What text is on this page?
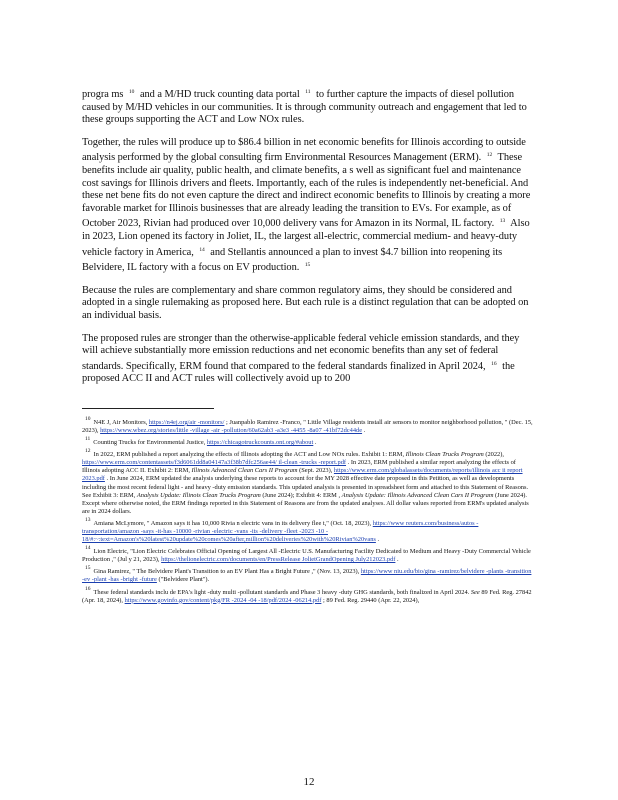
progra ms $^{10}$ and a M/HD truck counting data portal $^{11}$ to further capture the impacts of diesel pollution caused by M/HD vehicles in our communities. It is through community outreach and engagement that led to these groups supporting the ACT and Low NOx rules.

Together, the rules will produce up to $86.4 billion in net economic benefits for Illinois according to outside analysis performed by the global consulting firm Environmental Resources Management (ERM). $^{12}$ These benefits include air quality, public health, and climate benefits, a s well as significant fuel and maintenance cost savings for Illinois drivers and fleets. Importantly, each of the rules is independently net-beneficial. And these net bene fits do not even capture the direct and indirect economic benefits to Illinois by creating a more favorable market for Illinois businesses that are already leading the transition to EVs. For example, as of October 2023, Rivian had produced over 10,000 delivery vans for Amazon in its Normal, IL factory. $^{13}$ Also in 2023, Lion opened its factory in Joliet, IL, the largest all-electric, commercial medium- and heavy-duty vehicle factory in America, $^{14}$ and Stellantis announced a plan to invest $4.7 billion into reopening its Belvidere, IL factory with a focus on EV production. $^{15}$

Because the rules are complementary and share common regulatory aims, they should be considered and adopted in a single rulemaking as proposed here. But each rule is a distinct regulation that can be adopted on an individual basis.

The proposed rules are stronger than the otherwise-applicable federal vehicle emission standards, and they will achieve substantially more emission reductions and net economic benefits than any set of federal standards. Specifically, ERM found that compared to the federal standards finalized in April 2024, $^{16}$ the proposed ACC II and ACT rules will collectively avoid up to 200

$^{10}$ N4E J, Air Monitors, https://n4ej.org/air -monitors/ ; Juanpablo Ramirez -Franco, " Little Village residents install air sensors to monitor neighborhood pollution, " (Dec. 15, 2023), https://www.wbez.org/stories/little -village -air -pollution/60a62ab3 -a3e3 -4455 -8a07 -41bf72dc44de .

$^{11}$ Counting Trucks for Environmental Justice, https://chicagotruckcounts.ont.org/#about .

$^{12}$ In 2022, ERM published a report analyzing the effects of Illinois adopting the ACT and Low NOx rules. Exhibit 1: ERM, Illinois Clean Trucks Program (2022), https://www.erm.com/contentassets/f3d6061dd8a04147a3f38b7dfc256ae44/ il-clean -trucks -report.pdf . In 2023, ERM published a similar report analyzing the effects of Illinois adopting ACC II. Exhibit 2: ERM, Illinois Advanced Clean Cars II Program (Sept. 2023), https://www.erm.com/globalassets/documents/reports/illinois acc ii report 2023.pdf . In June 2024, ERM updated the analysis underlying these reports to account for the MY 2028 effective date proposed in this Petition, as well as developments including the most recent federal light - and heavy -duty emission standards. This updated analysis is presented in spreadsheet form and attached to this Statement of Reasons. See Exhibit 3: ERM, Analysis Update: Illinois Clean Trucks Program (June 2024); Exhibit 4: ERM , Analysis Update: Illinois Advanced Clean Cars II Program (June 2024). Except where otherwise noted, the ERM findings reported in this Statement of Reasons are from the updated analyses. All dollar values reported from ERM's updated analysis are in 2024 dollars.

$^{13}$ Amiana McLymore, " Amazon says it has 10,000 Rivia n electric vans in its delivery flee t," (Oct. 18, 2023), https://www reuters.com/business/autos -transportation/amazon -says -it-has -10000 -rivian -electric -vans -its -delivery -fleet -2023 -10 - 18/#:~:text=Amazon's%20latest%20update%20comes%20after,million%20deliveries%20with%20Rivian%20vans .

$^{14}$ Lion Electric, "Lion Electric Celebrates Official Opening of Largest All -Electric U.S. Manufacturing Facility Dedicated to Medium and Heavy -Duty Commercial Vehicle Production ," (Jul y 21, 2023), https://thelionelectric.com/documents/en/PressRelease JolietGrandOpening July212023.pdf .

$^{15}$ Gina Ramirez, " The Belvidere Plant's Transition to an EV Plant Has a Bright Future ," (Nov. 13, 2023), https://www niu.edu/bio/gina -ramirez/belvidere -plants -transition -ev -plant -has -bright -future ("Belvidere Plant").

$^{16}$ These federal standards inclu de EPA's light -duty multi -pollutant standards and Phase 3 heavy -duty GHG standards, both finalized in April 2024. See 89 Fed. Reg. 27842 (Apr. 18, 2024), https://www.govinfo.gov/content/pkg/FR -2024 -04 -18/pdf/2024 -06214.pdf ; 89 Fed. Reg. 29440 (Apr. 22, 2024),

12
